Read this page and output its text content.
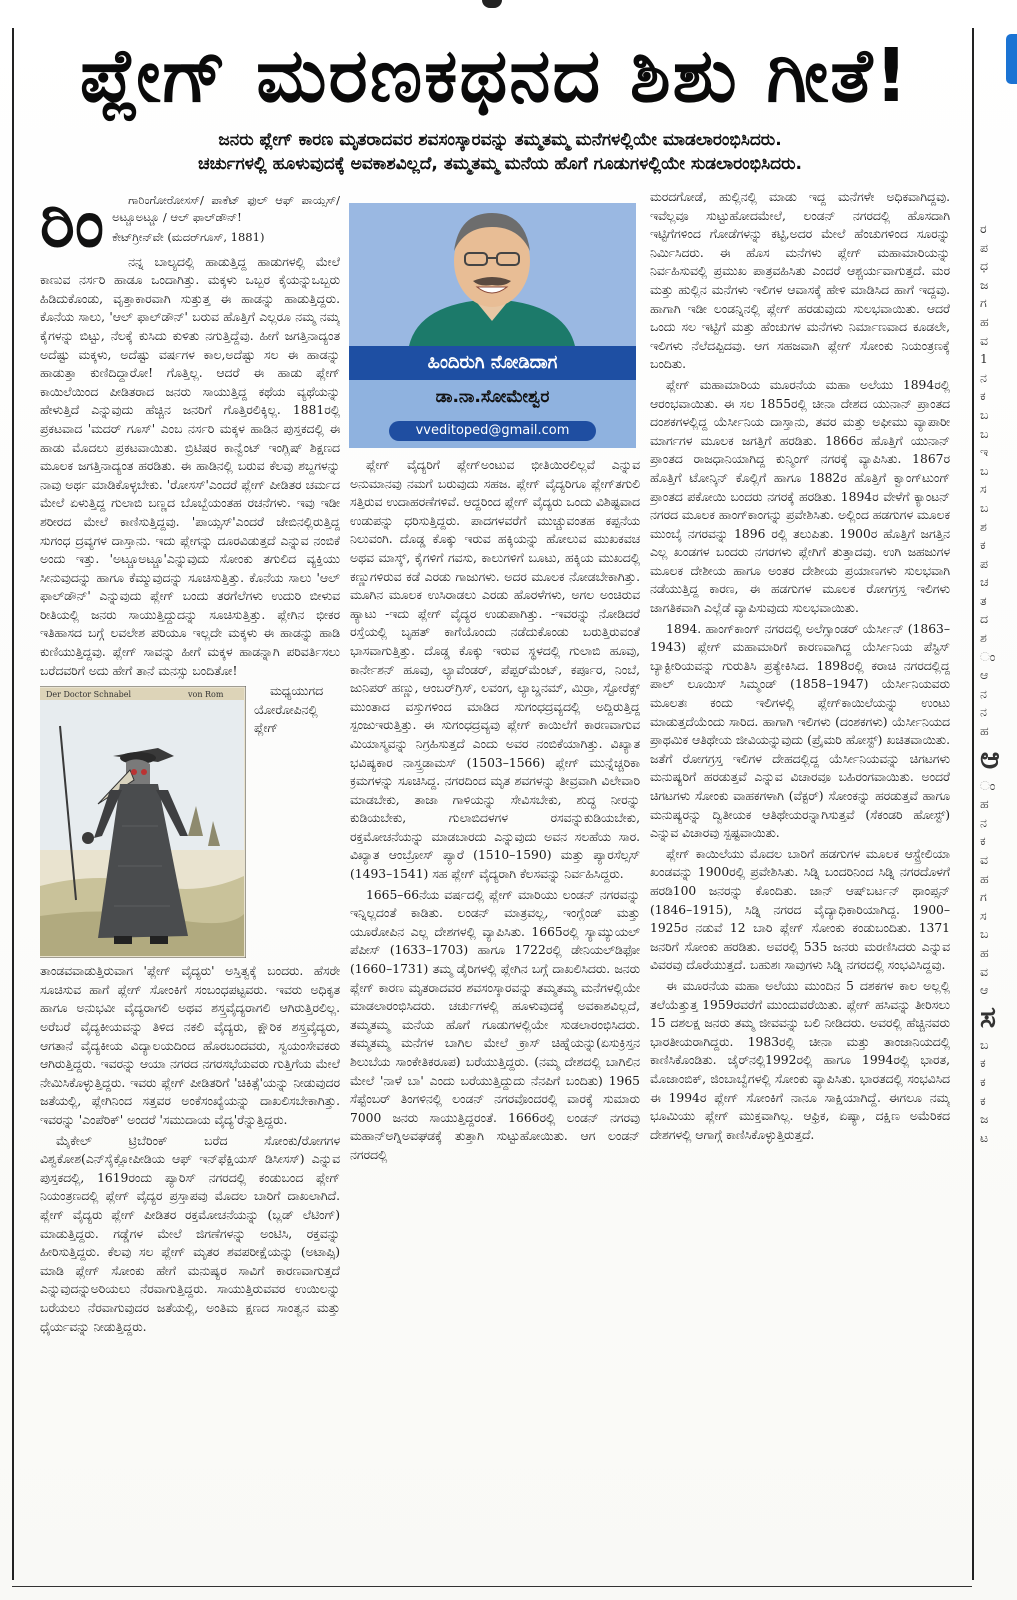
ಪ್ಲೇಗ್ ಮರಣಕಥನದ ಶಿಶು ಗೀತೆ!
ಜನರು ಪ್ಲೇಗ್ ಕಾರಣ ಮೃತರಾದವರ ಶವಸಂಸ್ಕಾರವನ್ನು ತಮ್ಮತಮ್ಮ ಮನೆಗಳಲ್ಲಿಯೇ ಮಾಡಲಾರಂಭಿಸಿದರು.
ಚರ್ಚುಗಳಲ್ಲಿ ಹೂಳುವುದಕ್ಕೆ ಅವಕಾಶವಿಲ್ಲದೆ, ತಮ್ಮತಮ್ಮ ಮನೆಯ ಹೊಗೆ ಗೂಡುಗಳಲ್ಲಿಯೇ ಸುಡಲಾರಂಭಿಸಿದರು.
ರಿಂ	ಗಾರಿಂಗೋರೋಸಸ್/ ಪಾಕೆಟ್ ಫುಲ್ ಆಫ್ ಪಾಯ್ಸಸ್/ ಅಟ್ಚೂಅಟ್ಚೂ / ಆಲ್ ಫಾಲ್‌ಡೌನ್!

ಕೇಟ್‌ಗ್ರೀನ್‌ವೇ (ಮದರ್‌ಗೂಸ್, 1881)

ನನ್ನ ಬಾಲ್ಯದಲ್ಲಿ ಹಾಡುತ್ತಿದ್ದ ಹಾಡುಗಳಲ್ಲಿ ಮೇಲೆ ಕಾಣುವ ನರ್ಸರಿ ಹಾಡೂ ಒಂದಾಗಿತ್ತು. ಮಕ್ಕಳು ಒಬ್ಬರ ಕೈಯನ್ನುಒಬ್ಬರು ಹಿಡಿದುಕೊಂಡು, ವೃತ್ತಾಕಾರವಾಗಿ ಸುತ್ತುತ್ತ ಈ ಹಾಡನ್ನು ಹಾಡುತ್ತಿದ್ದರು. ಕೊನೆಯ ಸಾಲು, 'ಆಲ್ ಫಾಲ್‌ಡೌನ್' ಬರುವ ಹೊತ್ತಿಗೆ ಎಲ್ಲರೂ ನಮ್ಮ ನಮ್ಮ ಕೈಗಳನ್ನು ಬಿಟ್ಟು, ನೆಲಕ್ಕೆ ಕುಸಿದು ಕುಳಿತು ನಗುತ್ತಿದ್ದೆವು. ಹೀಗೆ ಜಗತ್ತಿನಾದ್ಯಂತ ಅದೆಷ್ಟು ಮಕ್ಕಳು, ಅದೆಷ್ಟು ವರ್ಷಗಳ ಕಾಲ,ಅದೆಷ್ಟು ಸಲ ಈ ಹಾಡನ್ನು ಹಾಡುತ್ತಾ ಕುಣಿದಿದ್ದಾರೋ! ಗೊತ್ತಿಲ್ಲ. ಆದರೆ ಈ ಹಾಡು ಪ್ಲೇಗ್ ಕಾಯಿಲೆಯಿಂದ ಪೀಡಿತರಾದ ಜನರು ಸಾಯುತ್ತಿದ್ದ ಕಥೆಯ ವ್ಯಥೆಯನ್ನು ಹೇಳುತ್ತಿದೆ ಎನ್ನುವುದು ಹೆಚ್ಚಿನ ಜನರಿಗೆ ಗೊತ್ತಿರಲಿಕ್ಕಿಲ್ಲ. 1881ರಲ್ಲಿ ಪ್ರಕಟವಾದ 'ಮದರ್ ಗೂಸ್' ಎಂಬ ನರ್ಸರಿ ಮಕ್ಕಳ ಹಾಡಿನ ಪುಸ್ತಕದಲ್ಲಿ ಈ ಹಾಡು ಮೊದಲು ಪ್ರಕಟವಾಯಿತು. ಬ್ರಿಟಿಷರ ಕಾನ್ವೆಂಟ್ ಇಂಗ್ಲಿಷ್ ಶಿಕ್ಷಣದ ಮೂಲಕ ಜಗತ್ತಿನಾದ್ಯಂತ ಹರಡಿತು. ಈ ಹಾಡಿನಲ್ಲಿ ಬರುವ ಕೆಲವು ಶಬ್ದಗಳನ್ನು ನಾವು ಅರ್ಥ ಮಾಡಿಕೊಳ್ಳಬೇಕು. 'ರೋಸಸ್'ಎಂದರೆ ಪ್ಲೇಗ್ ಪೀಡಿತರ ಚರ್ಮದ ಮೇಲೆ ಏಳುತ್ತಿದ್ದ ಗುಲಾಬಿ ಬಣ್ಣದ ಬೊಬ್ಬೆಯಂತಹ ರಚನೆಗಳು. ಇವು ಇಡೀ ಶರೀರದ ಮೇಲೆ ಕಾಣಿಸುತ್ತಿದ್ದವು. 'ಪಾಯ್ಸಸ್'ಎಂದರೆ ಜೇಬಿನಲ್ಲಿರುತ್ತಿದ್ದ ಸುಗಂಧ ದ್ರವ್ಯಗಳ ದಾಸ್ತಾನು. ಇದು ಪ್ಲೇಗನ್ನು ದೂರವಿಡುತ್ತದೆ ಎನ್ನುವ ನಂಬಿಕೆ ಅಂದು ಇತ್ತು. 'ಅಟ್ಚೂಅಟ್ಚೂ'ಎನ್ನುವುದು ಸೋಂಕು ತಗುಲಿದ ವ್ಯಕ್ತಿಯು ಸೀನುವುದನ್ನು ಹಾಗೂ ಕೆಮ್ಮುವುದನ್ನು ಸೂಚಿಸುತ್ತಿತ್ತು. ಕೊನೆಯ ಸಾಲು 'ಆಲ್ ಫಾಲ್‌ಡೌನ್' ಎನ್ನುವುದು ಪ್ಲೇಗ್ ಬಂದು ತರಗೆಲೆಗಳು ಉದುರಿ ಬೀಳುವ ರೀತಿಯಲ್ಲಿ ಜನರು ಸಾಯುತ್ತಿದ್ದುದನ್ನು ಸೂಚಿಸುತ್ತಿತ್ತು. ಪ್ಲೇಗಿನ ಭೀಕರ ಇತಿಹಾಸದ ಬಗ್ಗೆ ಲವಲೇಶ ಪರಿಯೂ ಇಲ್ಲದೇ ಮಕ್ಕಳು ಈ ಹಾಡನ್ನು ಹಾಡಿ ಕುಣಿಯುತ್ತಿದ್ದವು. ಪ್ಲೇಗ್ ಸಾವನ್ನು ಹೀಗೆ ಮಕ್ಕಳ ಹಾಡನ್ನಾಗಿ ಪರಿವರ್ತಿಸಲು ಬರೆದವರಿಗೆ ಅದು ಹೇಗೆ ತಾನೆ ಮನಸ್ಸು ಬಂದಿತೋ!

Der Doctor Schnabel	von Rom	ಮಧ್ಯಯುಗದ ಯೋರೋಪಿನಲ್ಲಿ ಪ್ಲೇಗ್ ತಾಂಡವವಾಡುತ್ತಿರುವಾಗ 'ಪ್ಲೇಗ್ ವೈದ್ಯರು' ಅಸ್ತಿತ್ವಕ್ಕೆ ಬಂದರು. ಹೆಸರೇ ಸೂಚಿಸುವ ಹಾಗೆ ಪ್ಲೇಗ್ ಸೋಂಕಿಗೆ ಸಂಬಂಧಪಟ್ಟವರು. ಇವರು ಅಧಿಕೃತ ಹಾಗೂ ಅನುಭವೀ ವೈದ್ಯರಾಗಲಿ ಅಥವ ಶಸ್ತ್ರವೈದ್ಯರಾಗಲಿ ಆಗಿರುತ್ತಿರಲಿಲ್ಲ. ಅರೆಬರೆ ವೈದ್ಯಕೀಯವನ್ನು ತಿಳಿದ ನಕಲಿ ವೈದ್ಯರು, ಕ್ಷೌರಿಕ ಶಸ್ತ್ರವೈದ್ಯರು, ಆಗತಾನೆ ವೈದ್ಯಕೀಯ ವಿದ್ಯಾಲಯದಿಂದ ಹೊರಬಂದವರು, ಸ್ವಯಂಸೇವಕರು ಆಗಿರುತ್ತಿದ್ದರು. ಇವರನ್ನು ಆಯಾ ನಗರದ ನಗರಸಭೆಯವರು ಗುತ್ತಿಗೆಯ ಮೇಲೆ ನೇಮಿಸಿಕೊಳ್ಳುತ್ತಿದ್ದರು. ಇವರು ಪ್ಲೇಗ್ ಪೀಡಿತರಿಗೆ 'ಚಿಕಿತ್ಸೆ'ಯನ್ನು ನೀಡುವುದರ ಜತೆಯಲ್ಲಿ, ಪ್ಲೇಗಿನಿಂದ ಸತ್ತವರ ಅಂಕೆಸಂಖ್ಯೆಯನ್ನು ದಾಖಲಿಸಬೇಕಾಗಿತ್ತು. ಇವರನ್ನು 'ಎಂಪೆರಿಕ್' ಅಂದರೆ 'ಸಮುದಾಯ ವೈದ್ಯ'ರೆನ್ನುತ್ತಿದ್ದರು.

ಮೈಕೇಲ್ ಟ್ರಿಬೆರಿಂಕ್ ಬರೆದ ಸೋಂಕು/ರೋಗಗಳ ವಿಶ್ವಕೋಶ(ಎನ್‌ಸೈಕ್ಲೋಪೀಡಿಯ ಆಫ್ ಇನ್‌ಫೆಕ್ಷಿಯಸ್ ಡಿಸೀಸಸ್) ಎನ್ನುವ ಪುಸ್ತಕದಲ್ಲಿ, 1619ರಂದು ಪ್ಯಾರಿಸ್ ನಗರದಲ್ಲಿ ಕಂಡುಬಂದ ಪ್ಲೇಗ್ ನಿಯಂತ್ರಣದಲ್ಲಿ ಪ್ಲೇಗ್ ವೈದ್ಯರ ಪ್ರಸ್ತಾಪವು ಮೊದಲ ಬಾರಿಗೆ ದಾಖಲಾಗಿದೆ. ಪ್ಲೇಗ್ ವೈದ್ಯರು ಪ್ಲೇಗ್ ಪೀಡಿತರ ರಕ್ತಮೋಚನೆಯನ್ನು (ಬ್ಲಡ್ ಲೆಟಿಂಗ್) ಮಾಡುತ್ತಿದ್ದರು. ಗಡ್ಡೆಗಳ ಮೇಲೆ ಜಿಗಣೆಗಳನ್ನು ಅಂಟಿಸಿ, ರಕ್ತವನ್ನು ಹೀರಿಸುತ್ತಿದ್ದರು. ಕೆಲವು ಸಲ ಪ್ಲೇಗ್ ಮೃತರ ಶವಪರೀಕ್ಷೆಯನ್ನು (ಅಟಾಪ್ಸಿ) ಮಾಡಿ ಪ್ಲೇಗ್ ಸೋಂಕು ಹೇಗೆ ಮನುಷ್ಯರ ಸಾವಿಗೆ ಕಾರಣವಾಗುತ್ತದೆ ಎನ್ನುವುದನ್ನುಅರಿಯಲು ನೆರವಾಗುತ್ತಿದ್ದರು. ಸಾಯುತ್ತಿರುವವರ ಉಯಿಲನ್ನು ಬರೆಯಲು ನೆರವಾಗುವುದರ ಜತೆಯಲ್ಲಿ, ಅಂತಿಮ ಕ್ಷಣದ ಸಾಂತ್ವನ ಮತ್ತು ಧೈರ್ಯವನ್ನು ನೀಡುತ್ತಿದ್ದರು.

ಹಿಂದಿರುಗಿ ನೋಡಿದಾಗ
ಡಾ.ನಾ.ಸೋಮೇಶ್ವರ
vveditoped@gmail.com

ಪ್ಲೇಗ್ ವೈದ್ಯರಿಗೆ ಪ್ಲೇಗ್‌ಅಂಟುವ ಭೀತಿಯಿರಲಿಲ್ಲವೆ ಎನ್ನುವ ಅನುಮಾನವು ನಮಗೆ ಬರುವುದು ಸಹಜ. ಪ್ಲೇಗ್ ವೈದ್ಯರಿಗೂ ಪ್ಲೇಗ್‌ತಗುಲಿ ಸತ್ತಿರುವ ಉದಾಹರಣೆಗಳಿವೆ. ಆದ್ದರಿಂದ ಪ್ಲೇಗ್ ವೈದ್ಯರು ಒಂದು ವಿಶಿಷ್ಟವಾದ ಉಡುಪನ್ನು ಧರಿಸುತ್ತಿದ್ದರು. ಪಾದಗಳವರೆಗೆ ಮುಚ್ಚುವಂತಹ ಕಪ್ಪನೆಯ ನಿಲುವಂಗಿ. ದೊಡ್ಡ ಕೊಕ್ಕು ಇರುವ ಹಕ್ಕಿಯನ್ನು ಹೋಲುವ ಮುಖಕವಚ ಅಥವ ಮಾಸ್ಕ್, ಕೈಗಳಿಗೆ ಗವಸು, ಕಾಲುಗಳಿಗೆ ಬೂಟು, ಹಕ್ಕಿಯ ಮುಖದಲ್ಲಿ ಕಣ್ಣುಗಳಿರುವ ಕಡೆ ಎರಡು ಗಾಜುಗಳು. ಅದರ ಮೂಲಕ ನೋಡಬೇಕಾಗಿತ್ತು. ಮೂಗಿನ ಮೂಲಕ ಉಸಿರಾಡಲು ಎರಡು ಹೊರಳೆಗಳು, ಅಗಲ ಅಂಚಿರುವ ಹ್ಯಾಟು -ಇದು ಪ್ಲೇಗ್ ವೈದ್ಯರ ಉಡುಪಾಗಿತ್ತು. -ಇವರನ್ನು ನೋಡಿದರೆ ರಸ್ತೆಯಲ್ಲಿ ಬೃಹತ್ ಕಾಗೆಯೊಂದು ನಡೆದುಕೊಂಡು ಬರುತ್ತಿರುವಂತೆ ಭಾಸವಾಗುತ್ತಿತ್ತು. ದೊಡ್ಡ ಕೊಕ್ಕು ಇರುವ ಸ್ಥಳದಲ್ಲಿ ಗುಲಾಬಿ ಹೂವು, ಕಾರ್ನೇಶನ್ ಹೂವು, ಲ್ಯಾವೆಂಡರ್, ಪೆಪ್ಪರ್‌ಮೆಂಟ್, ಕರ್ಪೂರ, ನಿಂಬೆ, ಜುನಿಪರ್ ಹಣ್ಣು, ಆಂಬರ್‌ಗ್ರಿಸ್, ಲವಂಗ, ಲ್ಯಾಬ್ಡನಮ್, ಮಿರ್ರಾ, ಸ್ಟೋರೆಕ್ಸ್ ಮುಂತಾದ ವಸ್ತುಗಳಿಂದ ಮಾಡಿದ ಸುಗಂಧದ್ರವ್ಯದಲ್ಲಿ ಅದ್ದಿರುತ್ತಿದ್ದ ಸ್ಪಂಜುಇರುತ್ತಿತ್ತು. ಈ ಸುಗಂಧದ್ರವ್ಯವು ಪ್ಲೇಗ್ ಕಾಯಿಲೆಗೆ ಕಾರಣವಾಗುವ ಮಿಯಾಸ್ಮವನ್ನು ನಿಗ್ರಹಿಸುತ್ತದೆ ಎಂದು ಅವರ ನಂಬಿಕೆಯಾಗಿತ್ತು. ವಿಖ್ಯಾತ ಭವಿಷ್ಯಕಾರ ನಾಸ್ತ್ರಡಾಮಸ್ (1503–1566) ಪ್ಲೇಗ್ ಮುನ್ನೆಚ್ಚರಿಕಾ ಕ್ರಮಗಳನ್ನು ಸೂಚಿಸಿದ್ದ. ನಗರದಿಂದ ಮೃತ ಶವಗಳನ್ನು ತೀವ್ರವಾಗಿ ವಿಲೇವಾರಿ ಮಾಡಬೇಕು, ತಾಜಾ ಗಾಳಿಯನ್ನು ಸೇವಿಸಬೇಕು, ಶುದ್ಧ ನೀರನ್ನು ಕುಡಿಯಬೇಕು, ಗುಲಾಬಿದಳಗಳ ರಸವನ್ನುಕುಡಿಯಬೇಕು, ರಕ್ತಮೋಚನೆಯನ್ನು ಮಾಡಬಾರದು ಎನ್ನುವುದು ಅವನ ಸಲಹೆಯ ಸಾರ. ವಿಖ್ಯಾತ ಆಂಬ್ರೋಸ್ ಪ್ಯಾರೆ (1510–1590) ಮತ್ತು ಪ್ಯಾರಸೆಲ್ಸಸ್ (1493–1541) ಸಹ ಪ್ಲೇಗ್ ವೈದ್ಯರಾಗಿ ಕೆಲಸವನ್ನು ನಿರ್ವಹಿಸಿದ್ದರು.

1665–66ನೆಯ ವರ್ಷದಲ್ಲಿ ಪ್ಲೇಗ್ ಮಾರಿಯು ಲಂಡನ್ ನಗರವನ್ನು ಇನ್ನಿಲ್ಲದಂತೆ ಕಾಡಿತು. ಲಂಡನ್ ಮಾತ್ರವಲ್ಲ, ಇಂಗ್ಲೆಂಡ್ ಮತ್ತು ಯೂರೋಪಿನ ಎಲ್ಲ ದೇಶಗಳಲ್ಲಿ ವ್ಯಾಪಿಸಿತು. 1665ರಲ್ಲಿ ಸ್ಯಾಮ್ಯುಯಲ್ ಪೆಪೀಸ್ (1633–1703) ಹಾಗೂ 1722ರಲ್ಲಿ ಡೇನಿಯಲ್‌ಡಿಫೋ (1660–1731) ತಮ್ಮ ಡೈರಿಗಳಲ್ಲಿ ಪ್ಲೇಗಿನ ಬಗ್ಗೆ ದಾಖಲಿಸಿದರು. ಜನರು ಪ್ಲೇಗ್ ಕಾರಣ ಮೃತರಾದವರ ಶವಸಂಸ್ಕಾರವನ್ನು ತಮ್ಮತಮ್ಮ ಮನೆಗಳಲ್ಲಿಯೇ ಮಾಡಲಾರಂಭಿಸಿದರು. ಚರ್ಚುಗಳಲ್ಲಿ ಹೂಳುವುದಕ್ಕೆ ಅವಕಾಶವಿಲ್ಲದೆ, ತಮ್ಮತಮ್ಮ ಮನೆಯ ಹೊಗೆ ಗೂಡುಗಳಲ್ಲಿಯೇ ಸುಡಲಾರಂಭಿಸಿದರು. ತಮ್ಮತಮ್ಮ ಮನೆಗಳ ಬಾಗಿಲ ಮೇಲೆ ಕ್ರಾಸ್ ಚಿಹ್ನೆಯನ್ನು(ಏಸುಕ್ರಿಸ್ತನ ಶಿಲುಬೆಯ ಸಾಂಕೇತಿಕರೂಪ) ಬರೆಯುತ್ತಿದ್ದರು. (ನಮ್ಮ ದೇಶದಲ್ಲಿ ಬಾಗಿಲಿನ ಮೇಲೆ 'ನಾಳೆ ಬಾ' ಎಂದು ಬರೆಯುತ್ತಿದ್ದುದು ನೆನಪಿಗೆ ಬಂದಿತು) 1965 ಸೆಪ್ಟೆಂಬರ್ ತಿಂಗಳಿನಲ್ಲಿ ಲಂಡನ್ ನಗರವೊಂದರಲ್ಲಿ ವಾರಕ್ಕೆ ಸುಮಾರು 7000 ಜನರು ಸಾಯುತ್ತಿದ್ದರಂತೆ. 1666ರಲ್ಲಿ ಲಂಡನ್ ನಗರವು ಮಹಾನ್‌ಅಗ್ನಿಅವಘಡಕ್ಕೆ ತುತ್ತಾಗಿ ಸುಟ್ಟುಹೋಯಿತು. ಆಗ ಲಂಡನ್ ನಗರದಲ್ಲಿ

ಮರದಗೋಡೆ, ಹುಲ್ಲಿನಲ್ಲಿ ಮಾಡು ಇದ್ದ ಮನೆಗಳೇ ಅಧಿಕವಾಗಿದ್ದವು. ಇವೆಲ್ಲವೂ ಸುಟ್ಟುಹೋದಮೇಲೆ, ಲಂಡನ್ ನಗರದಲ್ಲಿ ಹೊಸದಾಗಿ ಇಟ್ಟಿಗೆಗಳಿಂದ ಗೋಡೆಗಳನ್ನು ಕಟ್ಟಿ,ಅದರ ಮೇಲೆ ಹೆಂಚುಗಳಿಂದ ಸೂರನ್ನು ನಿರ್ಮಿಸಿದರು. ಈ ಹೊಸ ಮನೆಗಳು ಪ್ಲೇಗ್ ಮಹಾಮಾರಿಯನ್ನು ನಿರ್ವಹಿಸುವಲ್ಲಿ ಪ್ರಮುಖ ಪಾತ್ರವಹಿಸಿತು ಎಂದರೆ ಆಶ್ಚರ್ಯವಾಗುತ್ತದೆ. ಮರ ಮತ್ತು ಹುಲ್ಲಿನ ಮನೆಗಳು ಇಲಿಗಳ ಆವಾಸಕ್ಕೆ ಹೇಳಿ ಮಾಡಿಸಿದ ಹಾಗೆ ಇದ್ದವು. ಹಾಗಾಗಿ ಇಡೀ ಲಂಡನ್ನಿನಲ್ಲಿ ಪ್ಲೇಗ್ ಹರಡುವುದು ಸುಲಭವಾಯಿತು. ಆದರೆ ಒಂದು ಸಲ ಇಟ್ಟಿಗೆ ಮತ್ತು ಹೆಂಚುಗಳ ಮನೆಗಳು ನಿರ್ಮಾಣವಾದ ಕೂಡಲೇ, ಇಲಿಗಳು ನೆಲೆದಪ್ಪಿದವು. ಆಗ ಸಹಜವಾಗಿ ಪ್ಲೇಗ್ ಸೋಂಕು ನಿಯಂತ್ರಣಕ್ಕೆ ಬಂದಿತು.

ಪ್ಲೇಗ್ ಮಹಾಮಾರಿಯ ಮೂರನೆಯ ಮಹಾ ಅಲೆಯು 1894ರಲ್ಲಿ ಆರಂಭವಾಯಿತು. ಈ ಸಲ 1855ರಲ್ಲಿ ಚೀನಾ ದೇಶದ ಯುನಾನ್ ಪ್ರಾಂತದ ದಂಶಕಗಳಲ್ಲಿದ್ದ ಯೆರ್ಸೀನಿಯ ದಾಸ್ತಾನು, ತವರ ಮತ್ತು ಅಫೀಮು ವ್ಯಾಪಾರೀ ಮಾರ್ಗಗಳ ಮೂಲಕ ಜಗತ್ತಿಗೆ ಹರಡಿತು. 1866ರ ಹೊತ್ತಿಗೆ ಯುನಾನ್ ಪ್ರಾಂತದ ರಾಜಧಾನಿಯಾಗಿದ್ದ ಕುನ್ಮಿಂಗ್ ನಗರಕ್ಕೆ ವ್ಯಾಪಿಸಿತು. 1867ರ ಹೊತ್ತಿಗೆ ಟೋನ್ಕಿನ್ ಕೊಲ್ಲಿಗೆ ಹಾಗೂ 1882ರ ಹೊತ್ತಿಗೆ ಕ್ವಾಂಗ್‌ಟುಂಗ್ ಪ್ರಾಂತದ ಪಕೋಯಿ ಬಂದರು ನಗರಕ್ಕೆ ಹರಡಿತು. 1894ರ ವೇಳೆಗೆ ಕ್ಯಾಂಟನ್ ನಗರದ ಮೂಲಕ ಹಾಂಗ್‌ಕಾಂಗನ್ನು ಪ್ರವೇಶಿಸಿತು. ಅಲ್ಲಿಂದ ಹಡಗುಗಳ ಮೂಲಕ ಮುಂಬೈ ನಗರವನ್ನು 1896 ರಲ್ಲಿ ತಲುಪಿತು. 1900ರ ಹೊತ್ತಿಗೆ ಜಗತ್ತಿನ ಎಲ್ಲ ಖಂಡಗಳ ಬಂದರು ನಗರಗಳು ಪ್ಲೇಗಿಗೆ ತುತ್ತಾದವು. ಉಗಿ ಜಹಜುಗಳ ಮೂಲಕ ದೇಶೀಯ ಹಾಗೂ ಅಂತರ ದೇಶೀಯ ಪ್ರಯಾಣಗಳು ಸುಲಭವಾಗಿ ನಡೆಯುತ್ತಿದ್ದ ಕಾರಣ, ಈ ಹಡಗುಗಳ ಮೂಲಕ ರೋಗಗ್ರಸ್ತ ಇಲಿಗಳು ಜಾಗತಿಕವಾಗಿ ಎಲ್ಲೆಡೆ ವ್ಯಾಪಿಸುವುದು ಸುಲಭವಾಯಿತು.

1894. ಹಾಂಗ್‌ಕಾಂಗ್ ನಗರದಲ್ಲಿ ಅಲೆಗ್ಸಾಂಡರ್ ಯೆರ್ಸೀನ್ (1863–1943) ಪ್ಲೇಗ್ ಮಹಾಮಾರಿಗೆ ಕಾರಣವಾಗಿದ್ದ ಯೆರ್ಸೀನಿಯ ಪೆಸ್ಟಿಸ್ ಬ್ಯಾಕ್ಟೀರಿಯವನ್ನು ಗುರುತಿಸಿ ಪ್ರತ್ಯೇಕಿಸಿದ. 1898ರಲ್ಲಿ ಕರಾಚಿ ನಗರದಲ್ಲಿದ್ದ ಪಾಲ್ ಲೂಯಿಸ್ ಸಿಮ್ಮಂಡ್ (1858–1947) ಯೆರ್ಸೀನಿಯವರು ಮೂಲತಃ ಕಂದು ಇಲಿಗಳಲ್ಲಿ ಪ್ಲೇಗ್‌ಕಾಯಿಲೆಯನ್ನು ಉಂಟು ಮಾಡುತ್ತದೆಯೆಂದು ಸಾರಿದ. ಹಾಗಾಗಿ ಇಲಿಗಳು (ದಂಶಕಗಳು) ಯೆರ್ಸೀನಿಯದ ಪ್ರಾಥಮಿಕ ಆತಿಥೇಯ ಜೀವಿಯನ್ನುವುದು (ಪ್ರೈಮರಿ ಹೋಸ್ಟ್) ಖಚಿತವಾಯಿತು. ಜತೆಗೆ ರೋಗಗ್ರಸ್ತ ಇಲಿಗಳ ದೇಹದಲ್ಲಿದ್ದ ಯೆರ್ಸೀನಿಯವನ್ನು ಚಿಗಟಗಳು ಮನುಷ್ಯರಿಗೆ ಹರಡುತ್ತವೆ ಎನ್ನುವ ವಿಚಾರವೂ ಬಹಿರಂಗವಾಯಿತು. ಅಂದರೆ ಚಿಗಟಗಳು ಸೋಂಕು ವಾಹಕಗಳಾಗಿ (ವೆಕ್ಟರ್) ಸೋಂಕನ್ನು ಹರಡುತ್ತವೆ ಹಾಗೂ ಮನುಷ್ಯರನ್ನು ದ್ವಿತೀಯಕ ಆತಿಥೇಯರನ್ನಾಗಿಸುತ್ತವೆ (ಸೆಕಂಡರಿ ಹೋಸ್ಟ್) ಎನ್ನುವ ವಿಚಾರವು ಸ್ಪಷ್ಟವಾಯಿತು.

ಪ್ಲೇಗ್ ಕಾಯಿಲೆಯು ಮೊದಲ ಬಾರಿಗೆ ಹಡಗುಗಳ ಮೂಲಕ ಆಸ್ಟ್ರೇಲಿಯಾ ಖಂಡವನ್ನು 1900ರಲ್ಲಿ ಪ್ರವೇಶಿಸಿತು. ಸಿಡ್ನಿ ಬಂದರಿನಿಂದ ಸಿಡ್ನಿ ನಗರದೊಳಗೆ ಹರಡಿ100 ಜನರನ್ನು ಕೊಂದಿತು. ಜಾನ್ ಆಷ್‌ಬರ್ಟನ್ ಥಾಂಪ್ಸನ್ (1846–1915), ಸಿಡ್ನಿ ನಗರದ ವೈದ್ಯಾಧಿಕಾರಿಯಾಗಿದ್ದ. 1900–1925ರ ನಡುವೆ 12 ಬಾರಿ ಪ್ಲೇಗ್ ಸೋಂಕು ಕಂಡುಬಂದಿತು. 1371 ಜನರಿಗೆ ಸೋಂಕು ಹರಡಿತು. ಅವರಲ್ಲಿ 535 ಜನರು ಮರಣಿಸಿದರು ಎನ್ನುವ ವಿವರವು ದೊರೆಯುತ್ತದೆ. ಬಹುಶಃ ಸಾವುಗಳು ಸಿಡ್ನಿ ನಗರದಲ್ಲಿ ಸಂಭವಿಸಿದ್ದವು.

ಈ ಮೂರನೆಯ ಮಹಾ ಅಲೆಯು ಮುಂದಿನ 5 ದಶಕಗಳ ಕಾಲ ಅಲ್ಲಲ್ಲಿ ತಲೆಯೆತ್ತುತ್ತ 1959ರವರೆಗೆ ಮುಂದುವರೆಯಿತು. ಪ್ಲೇಗ್ ಹಸಿವನ್ನು ತೀರಿಸಲು 15 ದಶಲಕ್ಷ ಜನರು ತಮ್ಮ ಜೀವವನ್ನು ಬಲಿ ನೀಡಿದರು. ಅವರಲ್ಲಿ ಹೆಚ್ಚಿನವರು ಭಾರತೀಯರಾಗಿದ್ದರು. 1983ರಲ್ಲಿ ಚೀನಾ ಮತ್ತು ತಾಂಜಾನಿಯದಲ್ಲಿ ಕಾಣಿಸಿಕೊಂಡಿತು. ಜೈರ್‌ನಲ್ಲಿ1992ರಲ್ಲಿ ಹಾಗೂ 1994ರಲ್ಲಿ ಭಾರತ, ಮೊಜಾಂಬಿಕ್, ಜಿಂಬಾಬ್ವೆಗಳಲ್ಲಿ ಸೋಂಕು ವ್ಯಾಪಿಸಿತು. ಭಾರತದಲ್ಲಿ ಸಂಭವಿಸಿದ ಈ 1994ರ ಪ್ಲೇಗ್ ಸೋಂಕಿಗೆ ನಾನೂ ಸಾಕ್ಷಿಯಾಗಿದ್ದೆ. ಈಗಲೂ ನಮ್ಮ ಭೂಮಿಯು ಪ್ಲೇಗ್ ಮುಕ್ತವಾಗಿಲ್ಲ. ಆಫ್ರಿಕ, ಏಷ್ಯಾ, ದಕ್ಷಿಣ ಅಮೆರಿಕದ ದೇಶಗಳಲ್ಲಿ ಆಗಾಗ್ಗೆ ಕಾಣಿಸಿಕೊಳ್ಳುತ್ತಿರುತ್ತದೆ.

ರ
ಪ
ಧ
ಜ
ಗ
ಹ
ವ
1
ನ
ಕ
ಬ
ಬ
ಇ
ಬ
ಸ
ಬ
ಶ
ಕ
ಪ
ಚ
ತ
ದ
ಶ
ಂ
ಆ
ನ
ನ
ಹ
ಆ
ಂ
ಹ
ನ
ಕ
ವ
ಹ
ಗ
ಸ
ಬ
ಹ
ವ
ಆ
ಸ
ಬ
ಕ
ಕ
ಕ
ಜ
ಟ
